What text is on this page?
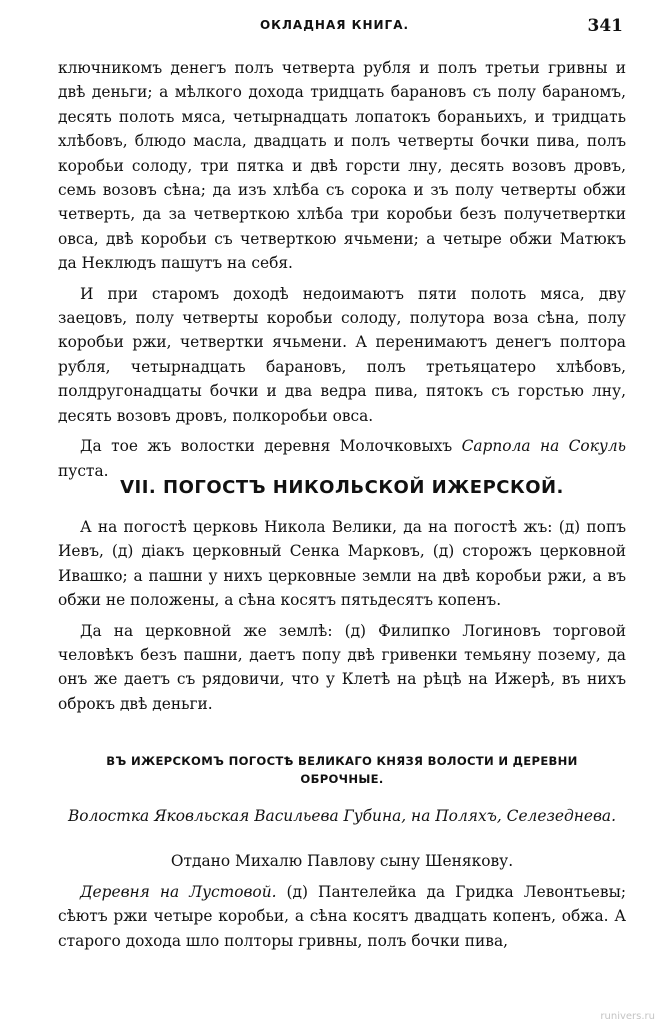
ОКЛАДНАЯ КНИГА.	341

ключникомъ денегъ полъ четверта рубля и полъ третьи гривны и двѣ деньги; а мѣлкого дохода тридцать барановъ съ полу бараномъ, десять полоть мяса, четырнадцать лопатокъ бораньихъ, и тридцать хлѣбовъ, блюдо масла, двадцать и полъ четверты бочки пива, полъ коробьи солоду, три пятка и двѣ горсти лну, десять возовъ дровъ, семь возовъ сѣна; да изъ хлѣба съ сорока и зъ полу четверты обжи четверть, да за четверткою хлѣба три коробьи безъ получетвертки овса, двѣ коробьи съ четверткою ячьмени; а четыре обжи Матюкъ да Неклюдъ пашутъ на себя.

И при старомъ доходѣ недоимаютъ пяти полоть мяса, дву заецовъ, полу четверты коробьи солоду, полутора воза сѣна, полу коробьи ржи, четвертки ячьмени. А перенимаютъ денегъ полтора рубля, четырнадцать барановъ, полъ третьяцатеро хлѣбовъ, полдругонадцаты бочки и два ведра пива, пятокъ съ горстью лну, десять возовъ дровъ, полкоробьи овса.

Да тое жъ волостки деревня Молочковыхъ Сарпола на Сокуль пуста.

VII. ПОГОСТЪ НИКОЛЬСКОЙ ИЖЕРСКОЙ.

А на погостѣ церковь Никола Велики, да на погостѣ жъ: (д) попъ Иевъ, (д) дiакъ церковный Сенка Марковъ, (д) сторожъ церковной Ивашко; а пашни у нихъ церковные земли на двѣ коробьи ржи, а въ обжи не положены, а сѣна косятъ пятьдесятъ копенъ.

Да на церковной же землѣ: (д) Филипко Логиновъ торговой человѣкъ безъ пашни, даетъ попу двѣ гривенки темьяну позему, да онъ же даетъ съ рядовичи, что у Клетѣ на рѣцѣ на Ижерѣ, въ нихъ оброкъ двѣ деньги.

ВЪ ИЖЕРСКОМЪ ПОГОСТѢ ВЕЛИКАГО КНЯЗЯ ВОЛОСТИ И ДЕРЕВНИ
ОБРОЧНЫЕ.
Волостка Яковльская Васильева Губина, на Поляхъ, Селезеднева.
Отдано Михалю Павлову сыну Шенякову.

Деревня на Лустовой. (д) Пантелейка да Гридка Левонтьевы; сѣютъ ржи четыре коробьи, а сѣна косятъ двадцать копенъ, обжа. А старого дохода шло полторы гривны, полъ бочки пива,

runivers.ru
